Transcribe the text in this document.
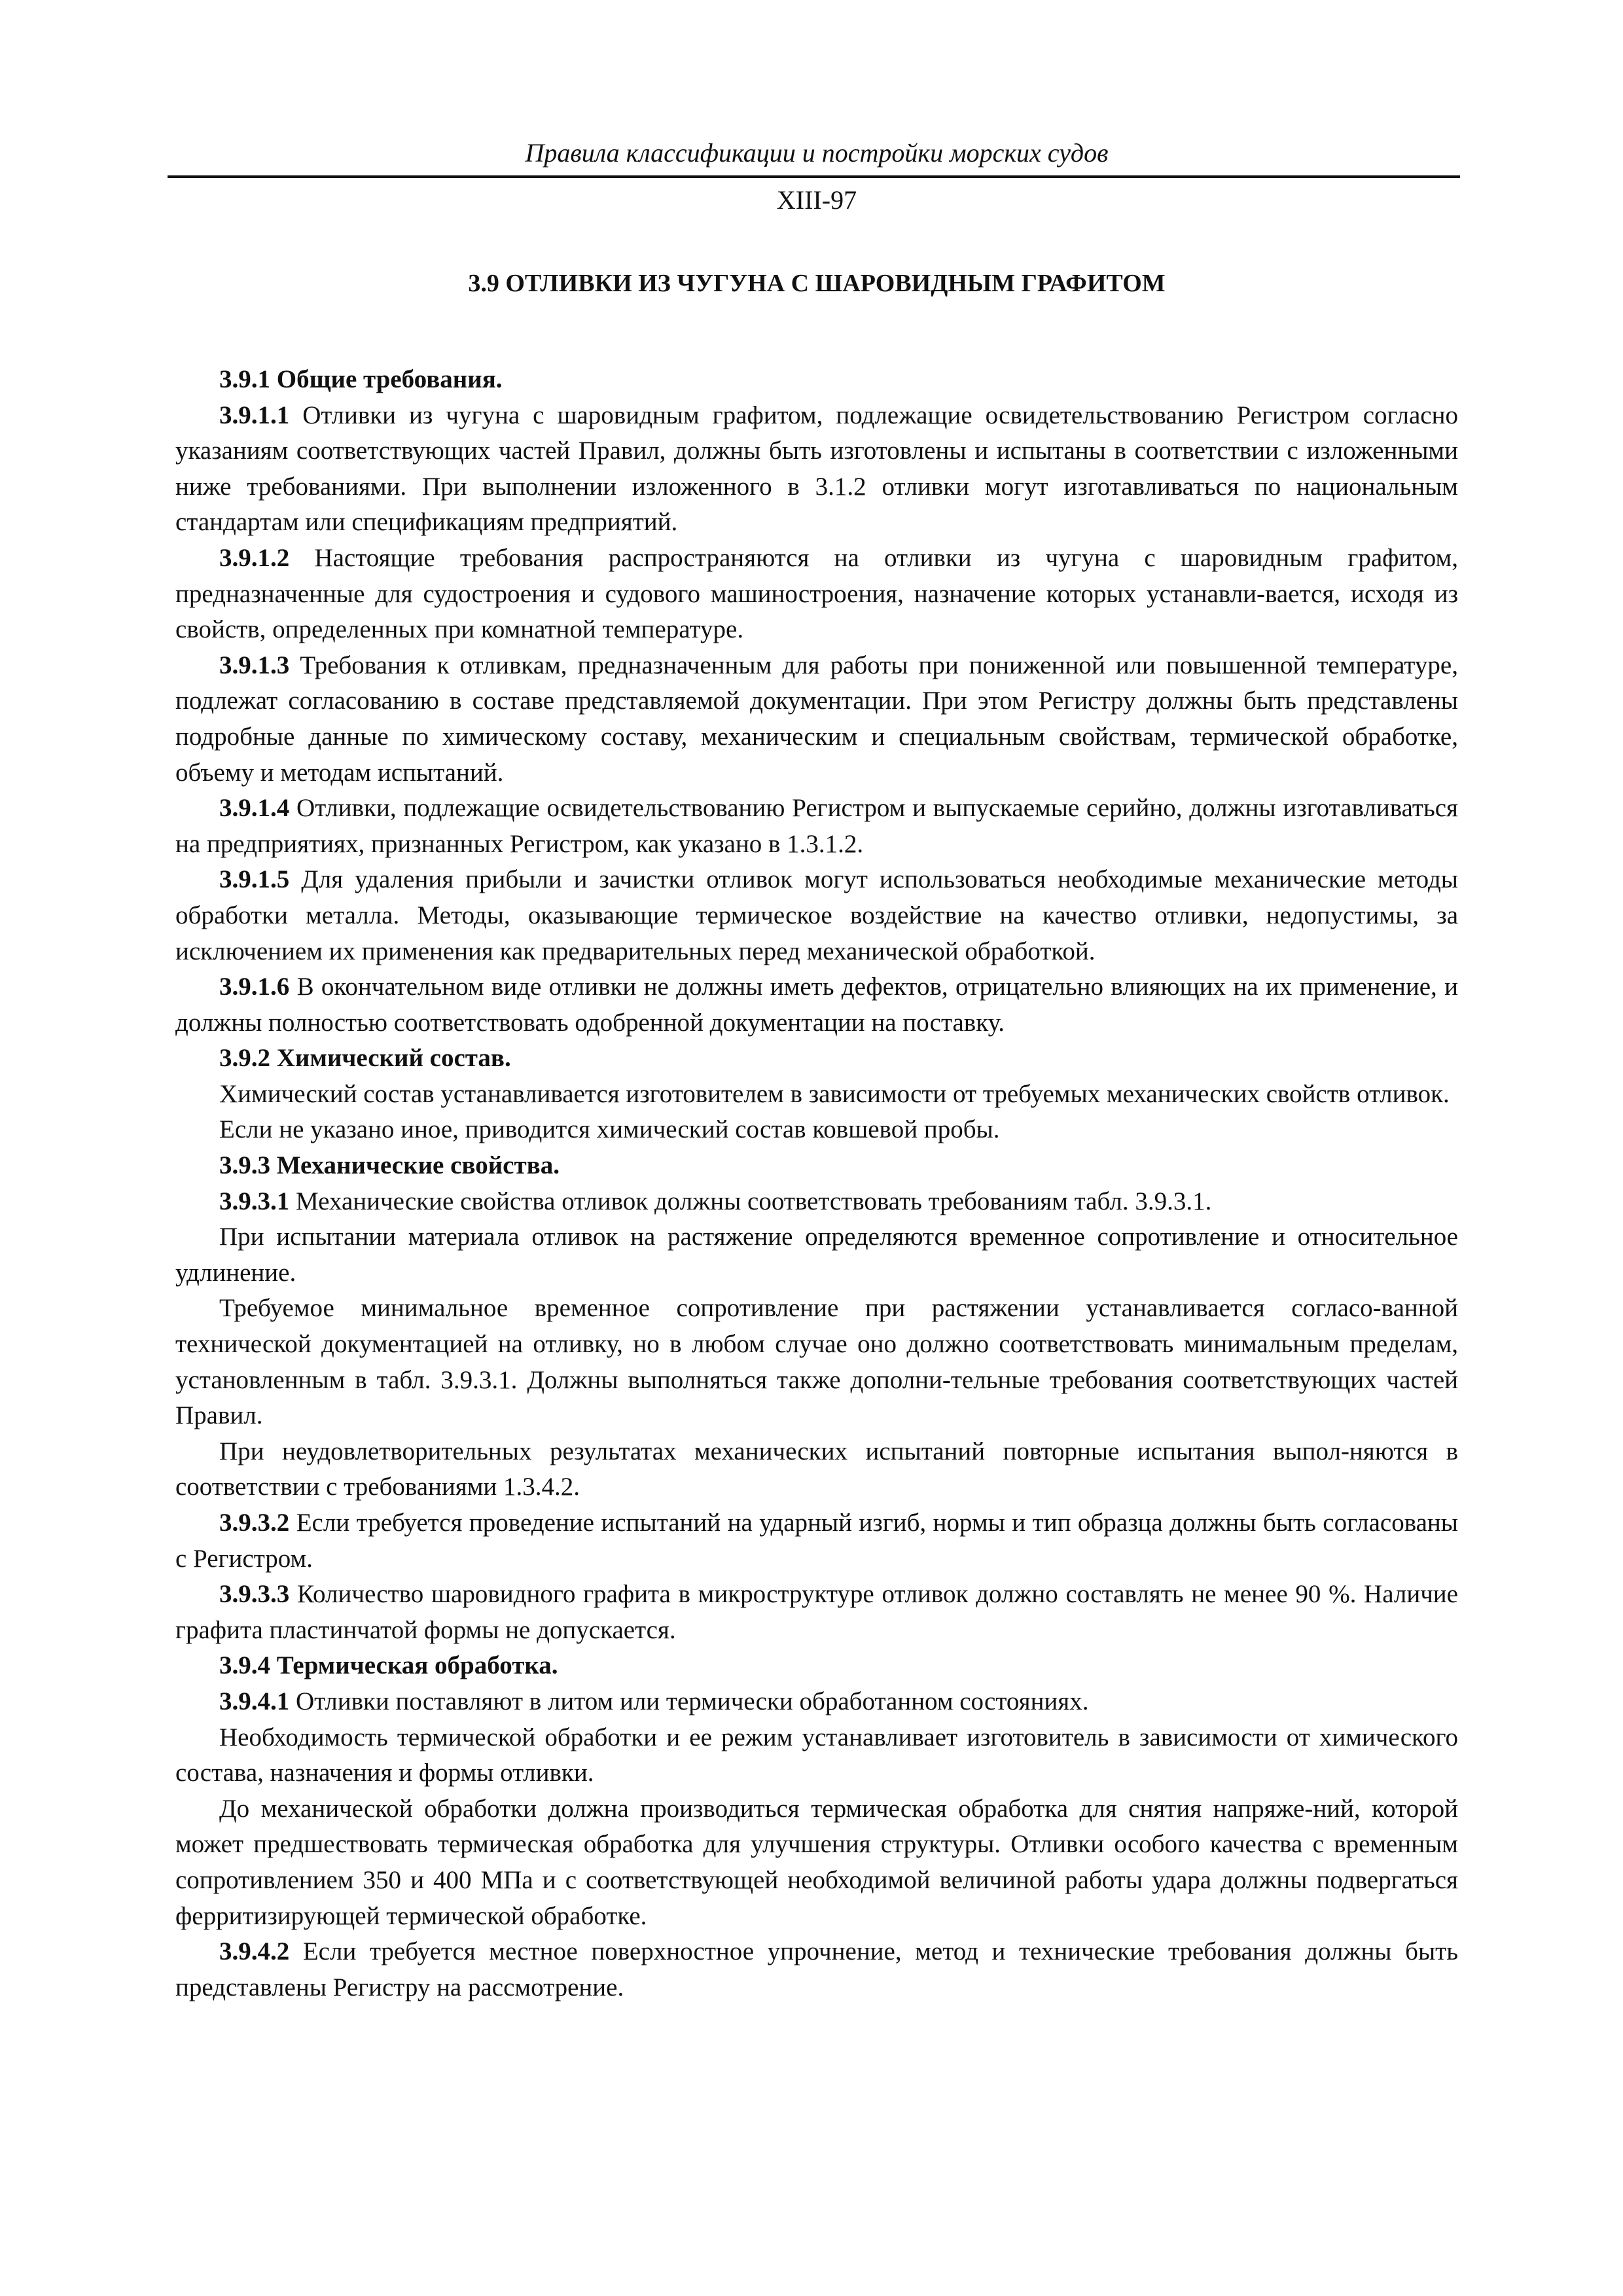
Правила классификации и постройки морских судов
XIII-97
3.9 ОТЛИВКИ ИЗ ЧУГУНА С ШАРОВИДНЫМ ГРАФИТОМ

3.9.1 Общие требования.

3.9.1.1 Отливки из чугуна с шаровидным графитом, подлежащие освидетельствованию Регистром согласно указаниям соответствующих частей Правил, должны быть изготовлены и испытаны в соответствии с изложенными ниже требованиями. При выполнении изложенного в 3.1.2 отливки могут изготавливаться по национальным стандартам или спецификациям предприятий.

3.9.1.2 Настоящие требования распространяются на отливки из чугуна с шаровидным графитом, предназначенные для судостроения и судового машиностроения, назначение которых устанавли-вается, исходя из свойств, определенных при комнатной температуре.

3.9.1.3 Требования к отливкам, предназначенным для работы при пониженной или повышенной температуре, подлежат согласованию в составе представляемой документации. При этом Регистру должны быть представлены подробные данные по химическому составу, механическим и специальным свойствам, термической обработке, объему и методам испытаний.

3.9.1.4 Отливки, подлежащие освидетельствованию Регистром и выпускаемые серийно, должны изготавливаться на предприятиях, признанных Регистром, как указано в 1.3.1.2.

3.9.1.5 Для удаления прибыли и зачистки отливок могут использоваться необходимые механические методы обработки металла. Методы, оказывающие термическое воздействие на качество отливки, недопустимы, за исключением их применения как предварительных перед механической обработкой.

3.9.1.6 В окончательном виде отливки не должны иметь дефектов, отрицательно влияющих на их применение, и должны полностью соответствовать одобренной документации на поставку.

3.9.2 Химический состав.

Химический состав устанавливается изготовителем в зависимости от требуемых механических свойств отливок.

Если не указано иное, приводится химический состав ковшевой пробы.

3.9.3 Механические свойства.

3.9.3.1 Механические свойства отливок должны соответствовать требованиям табл. 3.9.3.1.

При испытании материала отливок на растяжение определяются временное сопротивление и относительное удлинение.

Требуемое минимальное временное сопротивление при растяжении устанавливается согласо-ванной технической документацией на отливку, но в любом случае оно должно соответствовать минимальным пределам, установленным в табл. 3.9.3.1. Должны выполняться также дополни-тельные требования соответствующих частей Правил.

При неудовлетворительных результатах механических испытаний повторные испытания выпол-няются в соответствии с требованиями 1.3.4.2.

3.9.3.2 Если требуется проведение испытаний на ударный изгиб, нормы и тип образца должны быть согласованы с Регистром.

3.9.3.3 Количество шаровидного графита в микроструктуре отливок должно составлять не менее 90 %. Наличие графита пластинчатой формы не допускается.

3.9.4 Термическая обработка.

3.9.4.1 Отливки поставляют в литом или термически обработанном состояниях.

Необходимость термической обработки и ее режим устанавливает изготовитель в зависимости от химического состава, назначения и формы отливки.

До механической обработки должна производиться термическая обработка для снятия напряже-ний, которой может предшествовать термическая обработка для улучшения структуры. Отливки особого качества с временным сопротивлением 350 и 400 МПа и с соответствующей необходимой величиной работы удара должны подвергаться ферритизирующей термической обработке.

3.9.4.2 Если требуется местное поверхностное упрочнение, метод и технические требования должны быть представлены Регистру на рассмотрение.
